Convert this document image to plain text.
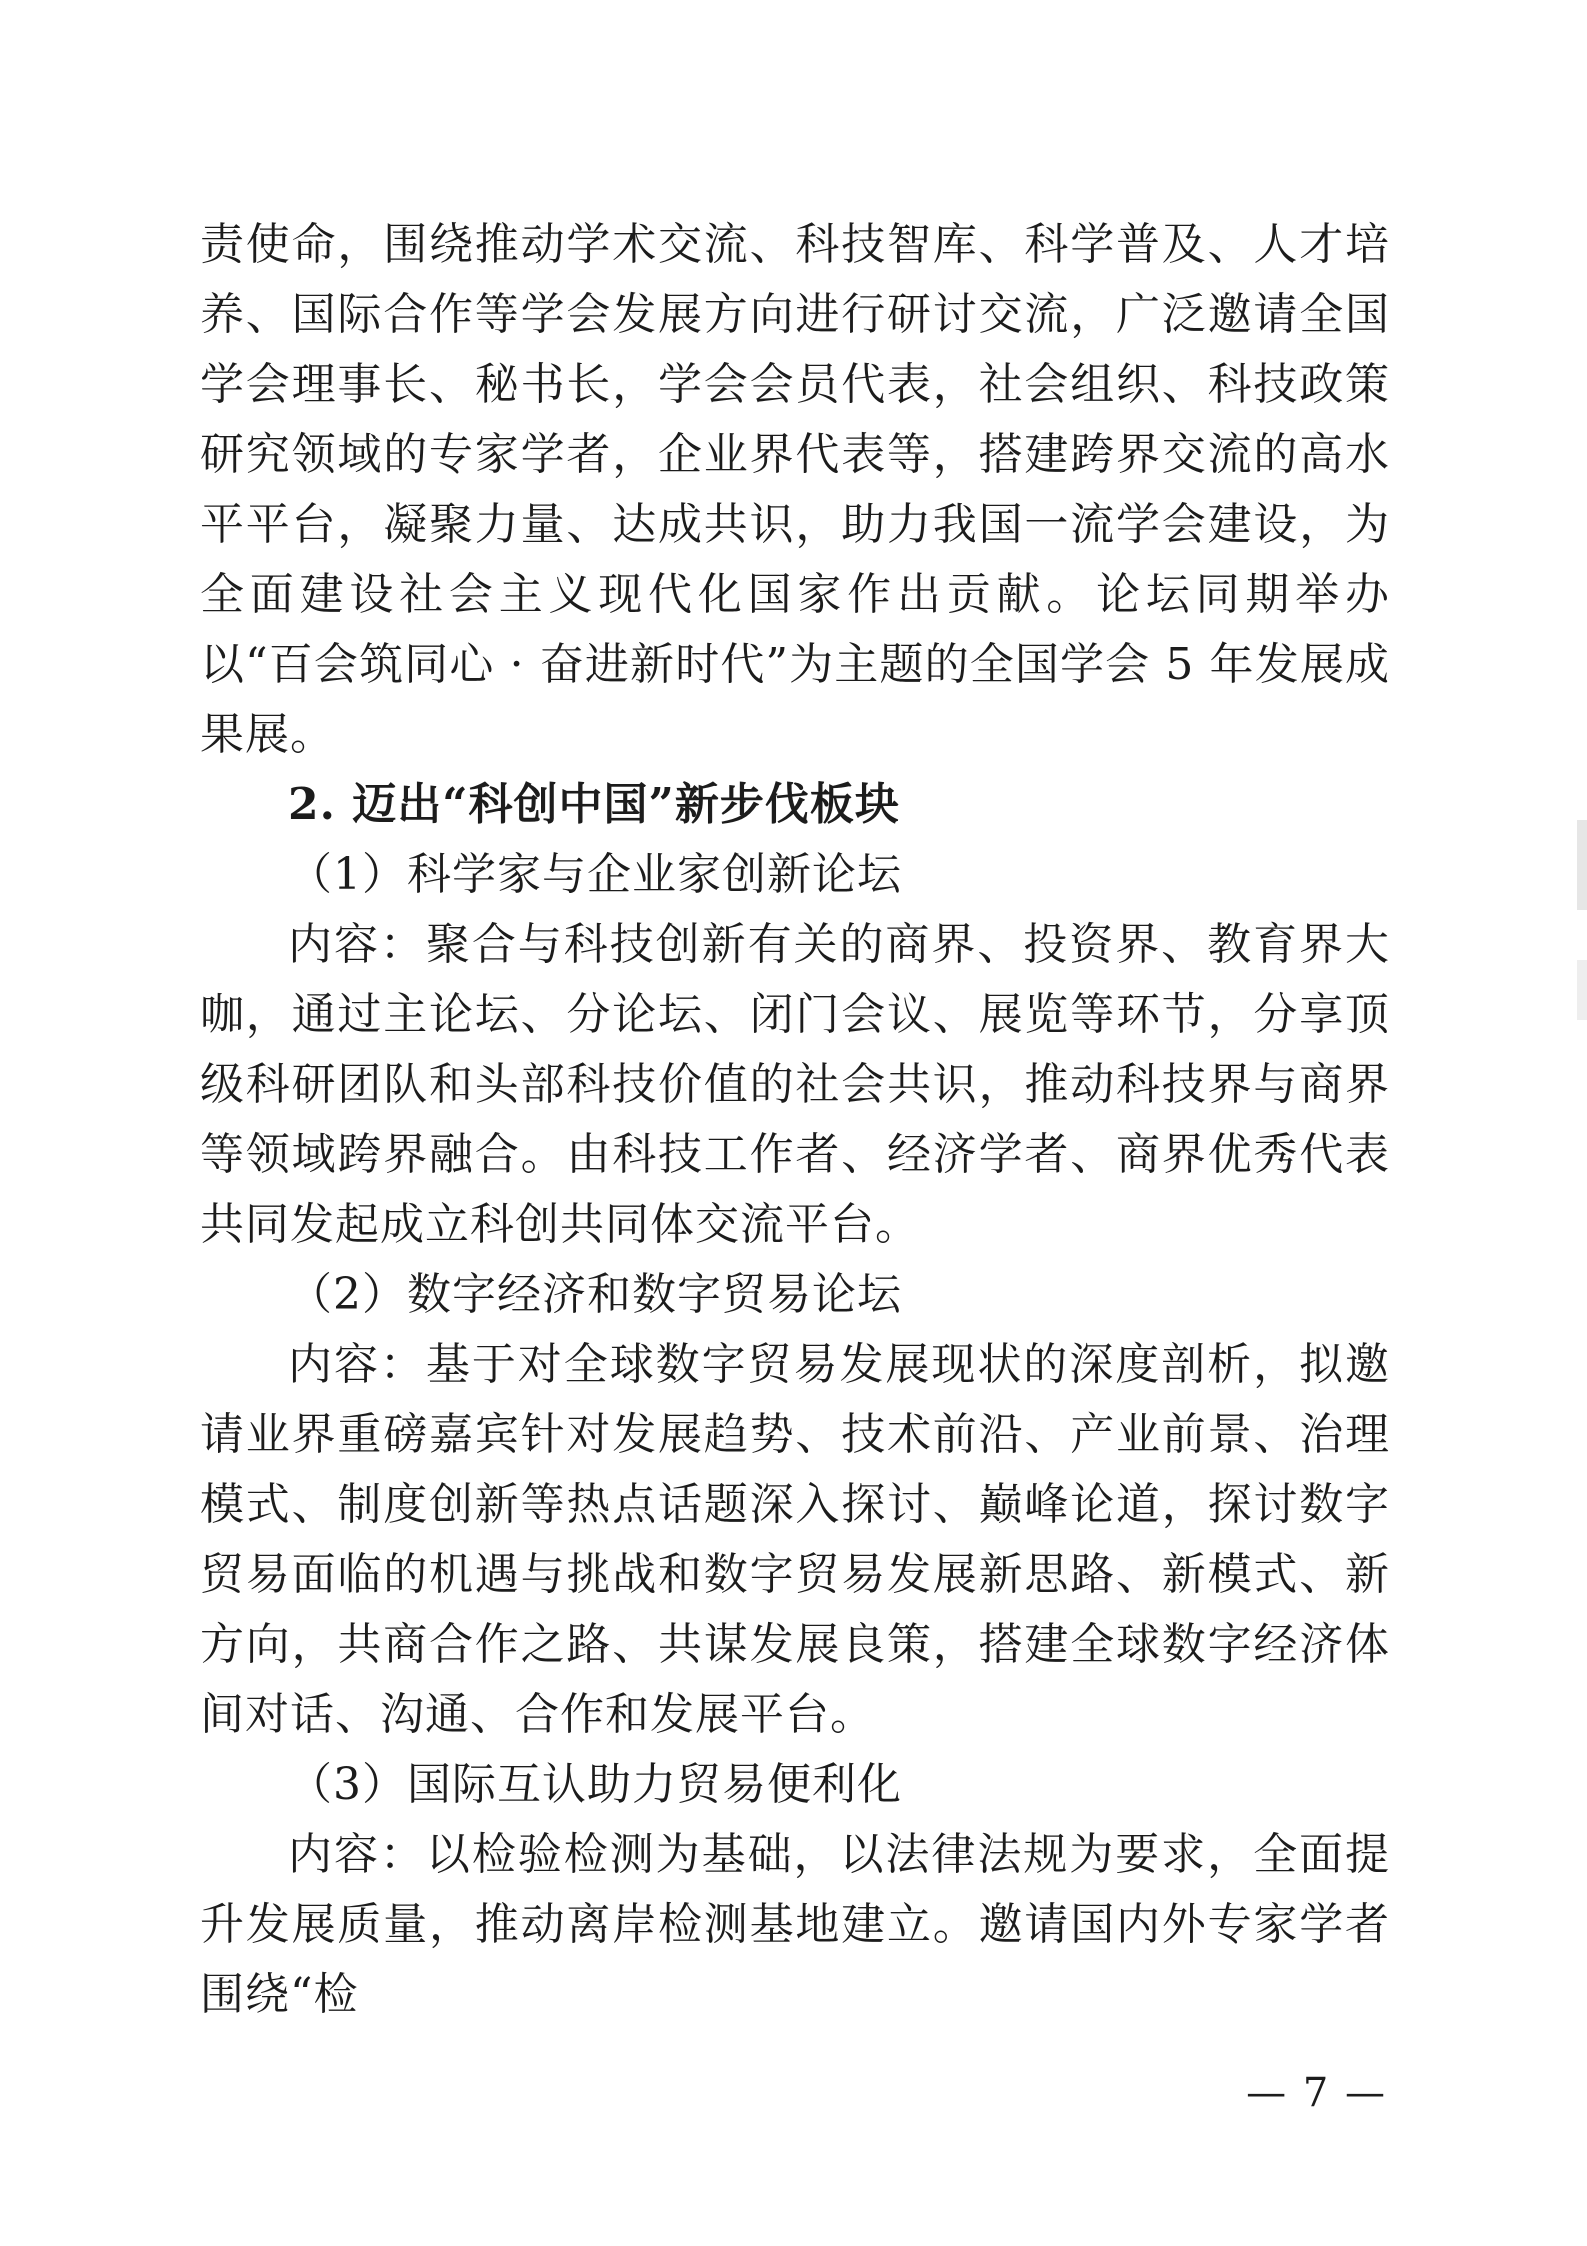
责使命，围绕推动学术交流、科技智库、科学普及、人才培养、国际合作等学会发展方向进行研讨交流，广泛邀请全国学会理事长、秘书长，学会会员代表，社会组织、科技政策研究领域的专家学者，企业界代表等，搭建跨界交流的高水平平台，凝聚力量、达成共识，助力我国一流学会建设，为全面建设社会主义现代化国家作出贡献。论坛同期举办以“百会筑同心 · 奋进新时代”为主题的全国学会 5 年发展成果展。

2. 迈出“科创中国”新步伐板块

（1）科学家与企业家创新论坛

内容：聚合与科技创新有关的商界、投资界、教育界大咖，通过主论坛、分论坛、闭门会议、展览等环节，分享顶级科研团队和头部科技价值的社会共识，推动科技界与商界等领域跨界融合。由科技工作者、经济学者、商界优秀代表共同发起成立科创共同体交流平台。

（2）数字经济和数字贸易论坛

内容：基于对全球数字贸易发展现状的深度剖析，拟邀请业界重磅嘉宾针对发展趋势、技术前沿、产业前景、治理模式、制度创新等热点话题深入探讨、巅峰论道，探讨数字贸易面临的机遇与挑战和数字贸易发展新思路、新模式、新方向，共商合作之路、共谋发展良策，搭建全球数字经济体间对话、沟通、合作和发展平台。

（3）国际互认助力贸易便利化

内容：以检验检测为基础，以法律法规为要求，全面提升发展质量，推动离岸检测基地建立。邀请国内外专家学者围绕“检

— 7 —
